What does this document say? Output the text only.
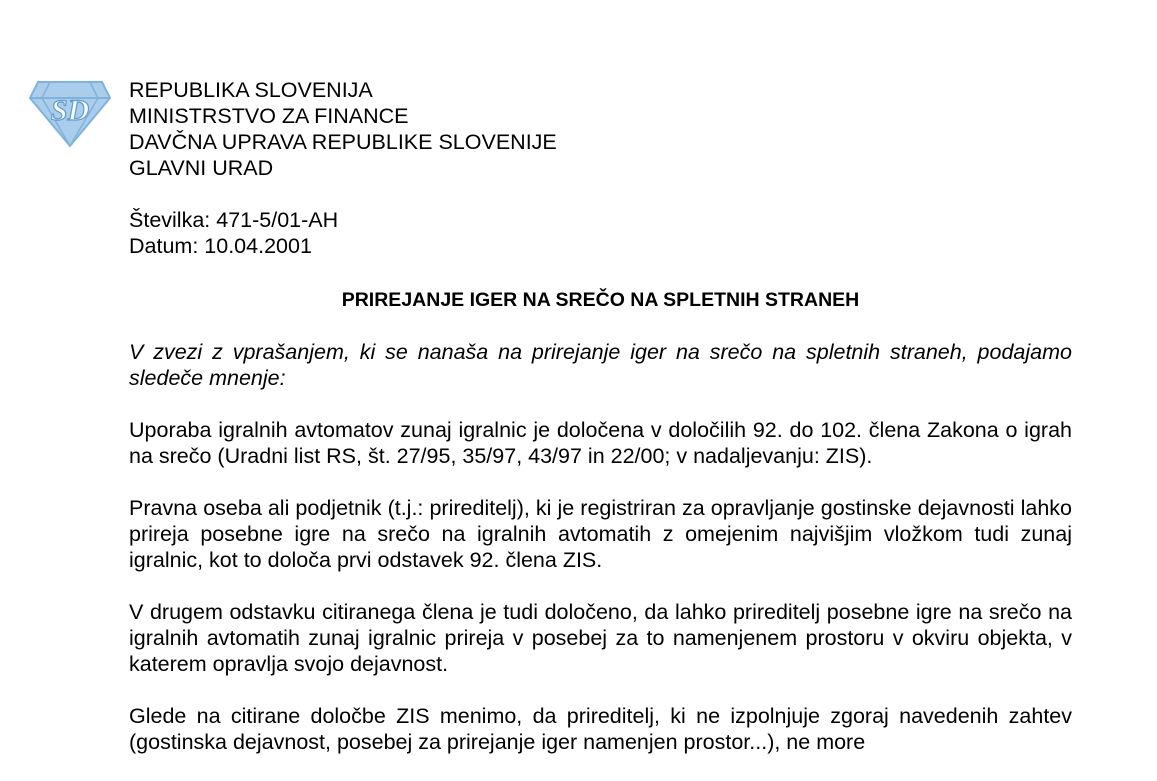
SD
REPUBLIKA SLOVENIJA
MINISTRSTVO ZA FINANCE
DAVČNA UPRAVA REPUBLIKE SLOVENIJE
GLAVNI URAD
Številka: 471-5/01-AH
Datum: 10.04.2001
PRIREJANJE IGER NA SREČO NA SPLETNIH STRANEH

V zvezi z vprašanjem, ki se nanaša na prirejanje iger na srečo na spletnih straneh, podajamo sledeče mnenje:

Uporaba igralnih avtomatov zunaj igralnic je določena v določilih 92. do 102. člena Zakona o igrah na srečo (Uradni list RS, št. 27/95, 35/97, 43/97 in 22/00; v nadaljevanju: ZIS).

Pravna oseba ali podjetnik (t.j.: prireditelj), ki je registriran za opravljanje gostinske dejavnosti lahko prireja posebne igre na srečo na igralnih avtomatih z omejenim najvišjim vložkom tudi zunaj igralnic, kot to določa prvi odstavek 92. člena ZIS.

V drugem odstavku citiranega člena je tudi določeno, da lahko prireditelj posebne igre na srečo na igralnih avtomatih zunaj igralnic prireja v posebej za to namenjenem prostoru v okviru objekta, v katerem opravlja svojo dejavnost.

Glede na citirane določbe ZIS menimo, da prireditelj, ki ne izpolnjuje zgoraj navedenih zahtev (gostinska dejavnost, posebej za prirejanje iger namenjen prostor...), ne more
